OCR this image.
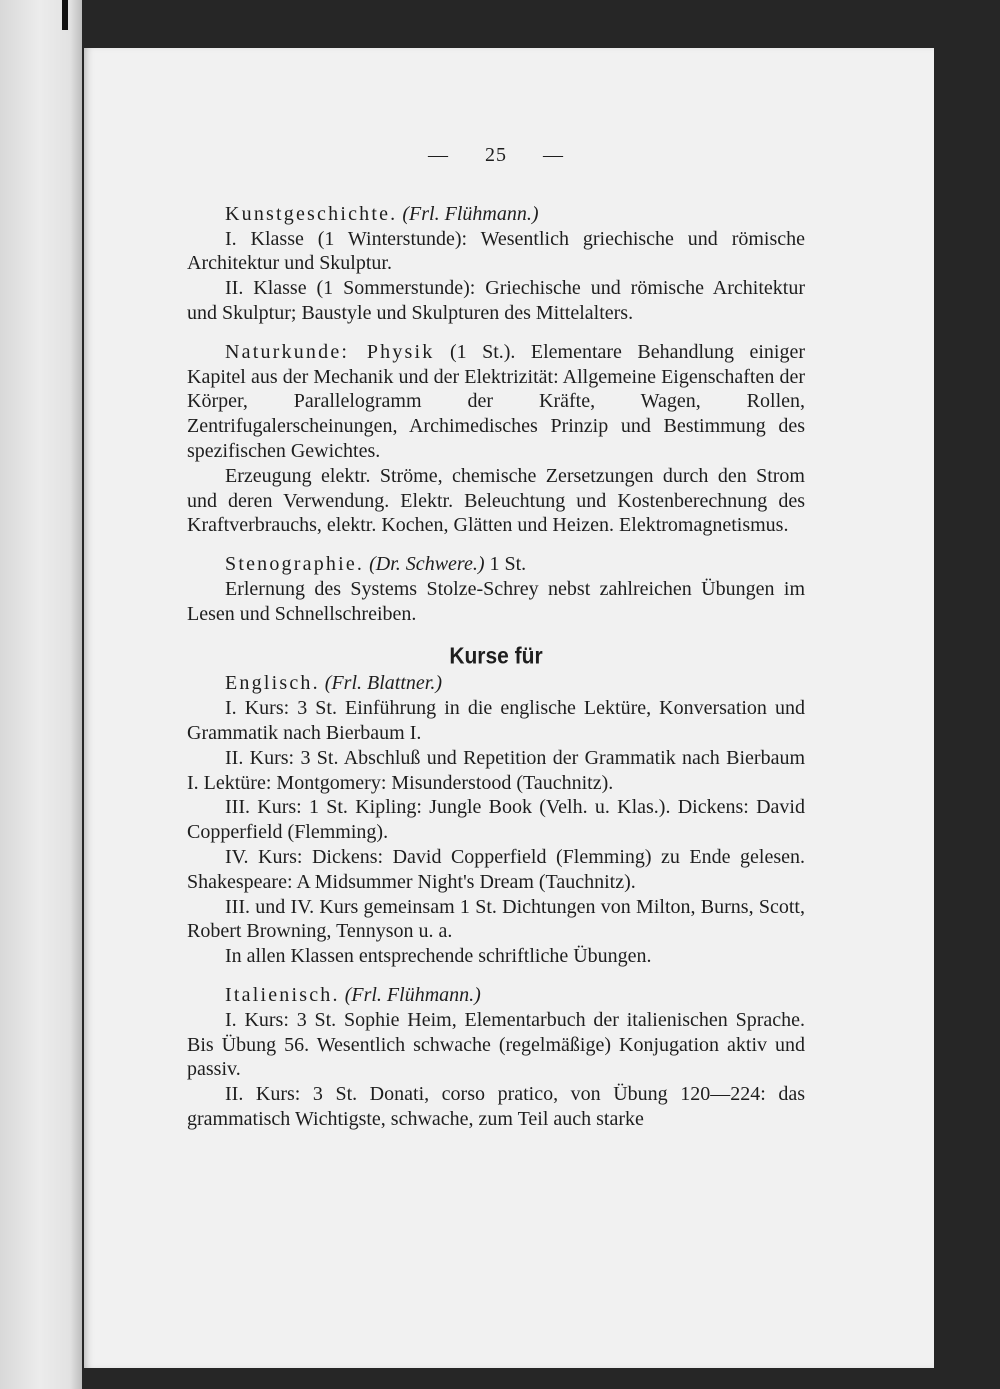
— 25 —

Kunstgeschichte. (Frl. Flühmann.)

I. Klasse (1 Winterstunde): Wesentlich griechische und römische Architektur und Skulptur.

II. Klasse (1 Sommerstunde): Griechische und römische Architektur und Skulptur; Baustyle und Skulpturen des Mittelalters.

Naturkunde: Physik (1 St.). Elementare Behandlung einiger Kapitel aus der Mechanik und der Elektrizität: Allgemeine Eigenschaften der Körper, Parallelogramm der Kräfte, Wagen, Rollen, Zentrifugalerscheinungen, Archimedisches Prinzip und Bestimmung des spezifischen Gewichtes.

Erzeugung elektr. Ströme, chemische Zersetzungen durch den Strom und deren Verwendung. Elektr. Beleuchtung und Kostenberechnung des Kraftverbrauchs, elektr. Kochen, Glätten und Heizen. Elektromagnetismus.

Stenographie. (Dr. Schwere.) 1 St.

Erlernung des Systems Stolze-Schrey nebst zahlreichen Übungen im Lesen und Schnellschreiben.

Kurse für

Englisch. (Frl. Blattner.)

I. Kurs: 3 St. Einführung in die englische Lektüre, Konversation und Grammatik nach Bierbaum I.

II. Kurs: 3 St. Abschluß und Repetition der Grammatik nach Bierbaum I. Lektüre: Montgomery: Misunderstood (Tauchnitz).

III. Kurs: 1 St. Kipling: Jungle Book (Velh. u. Klas.). Dickens: David Copperfield (Flemming).

IV. Kurs: Dickens: David Copperfield (Flemming) zu Ende gelesen. Shakespeare: A Midsummer Night's Dream (Tauchnitz).

III. und IV. Kurs gemeinsam 1 St. Dichtungen von Milton, Burns, Scott, Robert Browning, Tennyson u. a.

In allen Klassen entsprechende schriftliche Übungen.

Italienisch. (Frl. Flühmann.)

I. Kurs: 3 St. Sophie Heim, Elementarbuch der italienischen Sprache. Bis Übung 56. Wesentlich schwache (regelmäßige) Konjugation aktiv und passiv.

II. Kurs: 3 St. Donati, corso pratico, von Übung 120—224: das grammatisch Wichtigste, schwache, zum Teil auch starke
